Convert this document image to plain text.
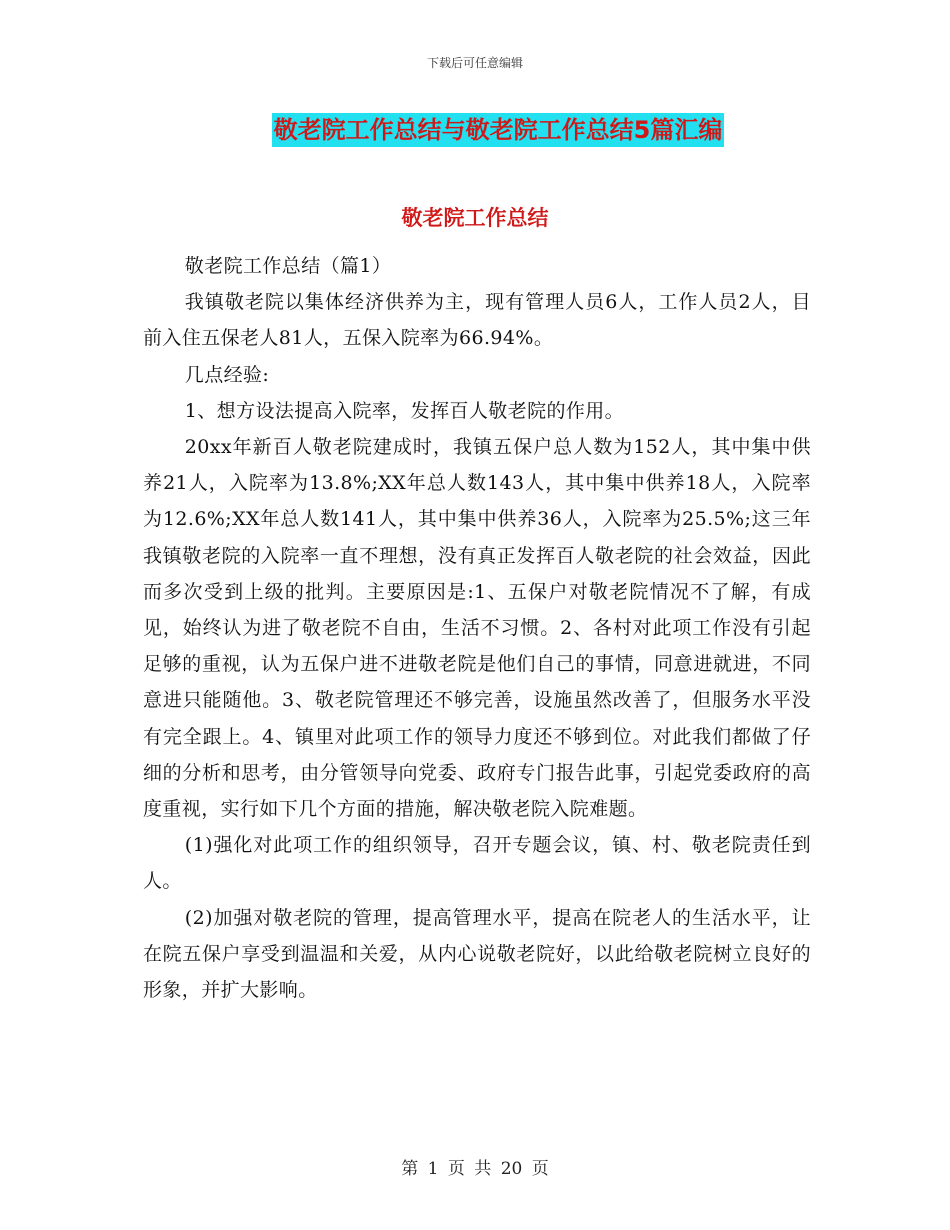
下载后可任意编辑
敬老院工作总结与敬老院工作总结5篇汇编
敬老院工作总结

敬老院工作总结（篇1）

我镇敬老院以集体经济供养为主，现有管理人员6人，工作人员2人，目前入住五保老人81人，五保入院率为66.94%。

几点经验:

1、想方设法提高入院率，发挥百人敬老院的作用。

20xx年新百人敬老院建成时，我镇五保户总人数为152人，其中集中供养21人，入院率为13.8%;XX年总人数143人，其中集中供养18人，入院率为12.6%;XX年总人数141人，其中集中供养36人，入院率为25.5%;这三年我镇敬老院的入院率一直不理想，没有真正发挥百人敬老院的社会效益，因此而多次受到上级的批判。主要原因是:1、五保户对敬老院情况不了解，有成见，始终认为进了敬老院不自由，生活不习惯。2、各村对此项工作没有引起足够的重视，认为五保户进不进敬老院是他们自己的事情，同意进就进，不同意进只能随他。3、敬老院管理还不够完善，设施虽然改善了，但服务水平没有完全跟上。4、镇里对此项工作的领导力度还不够到位。对此我们都做了仔细的分析和思考，由分管领导向党委、政府专门报告此事，引起党委政府的高度重视，实行如下几个方面的措施，解决敬老院入院难题。

(1)强化对此项工作的组织领导，召开专题会议，镇、村、敬老院责任到人。

(2)加强对敬老院的管理，提高管理水平，提高在院老人的生活水平，让在院五保户享受到温温和关爱，从内心说敬老院好，以此给敬老院树立良好的形象，并扩大影响。

第 1 页 共 20 页
